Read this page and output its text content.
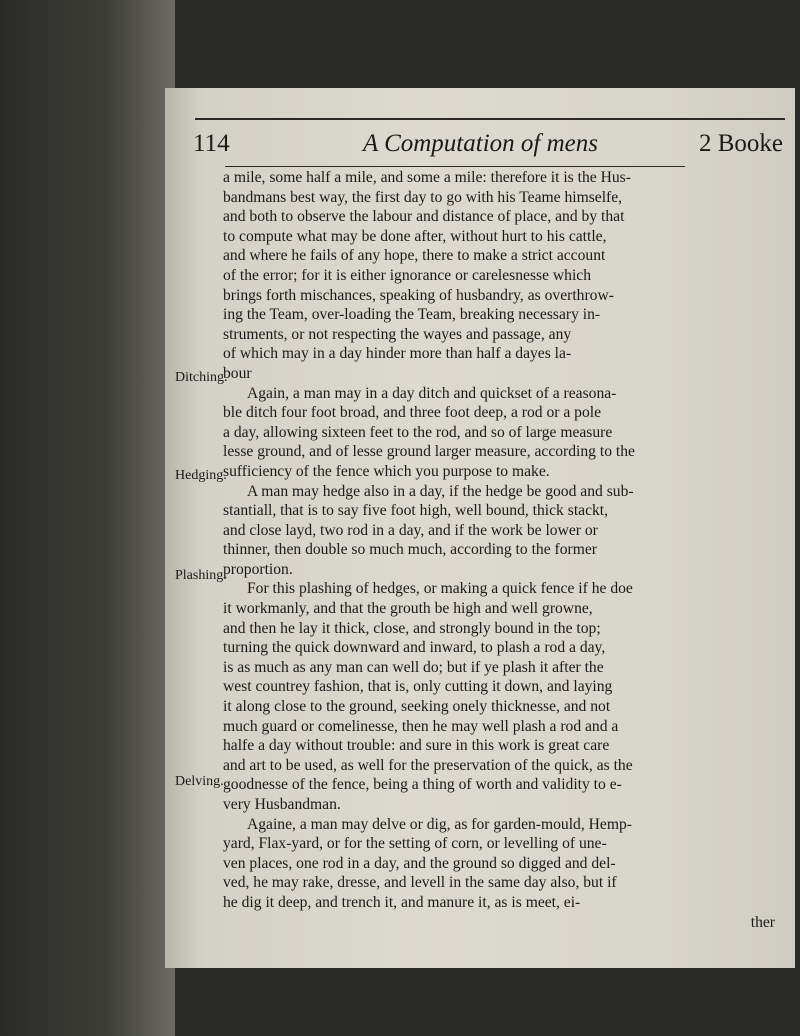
114	A Computation of mens	2 Booke
Ditching.
Hedging.
Plashing.
Delving.
a mile, some half a mile, and some a mile: therefore it is the Hus-
bandmans best way, the first day to go with his Teame himselfe,
and both to observe the labour and distance of place, and by that
to compute what may be done after, without hurt to his cattle,
and where he fails of any hope, there to make a strict account
of the error; for it is either ignorance or carelesnesse which
brings forth mischances, speaking of husbandry, as overthrow-
ing the Team, over-loading the Team, breaking necessary in-
struments, or not respecting the wayes and passage, any
of which may in a day hinder more than half a dayes la-
bour
Again, a man may in a day ditch and quickset of a reasona-
ble ditch four foot broad, and three foot deep, a rod or a pole
a day, allowing sixteen feet to the rod, and so of large measure
lesse ground, and of lesse ground larger measure, according to the
sufficiency of the fence which you purpose to make.
A man may hedge also in a day, if the hedge be good and sub-
stantiall, that is to say five foot high, well bound, thick stackt,
and close layd, two rod in a day, and if the work be lower or
thinner, then double so much much, according to the former
proportion.
For this plashing of hedges, or making a quick fence if he doe
it workmanly, and that the grouth be high and well growne,
and then he lay it thick, close, and strongly bound in the top;
turning the quick downward and inward, to plash a rod a day,
is as much as any man can well do; but if ye plash it after the
west countrey fashion, that is, only cutting it down, and laying
it along close to the ground, seeking onely thicknesse, and not
much guard or comelinesse, then he may well plash a rod and a
halfe a day without trouble: and sure in this work is great care
and art to be used, as well for the preservation of the quick, as the
goodnesse of the fence, being a thing of worth and validity to e-
very Husbandman.
Againe, a man may delve or dig, as for garden-mould, Hemp-
yard, Flax-yard, or for the setting of corn, or levelling of une-
ven places, one rod in a day, and the ground so digged and del-
ved, he may rake, dresse, and levell in the same day also, but if
he dig it deep, and trench it, and manure it, as is meet, ei-
ther
